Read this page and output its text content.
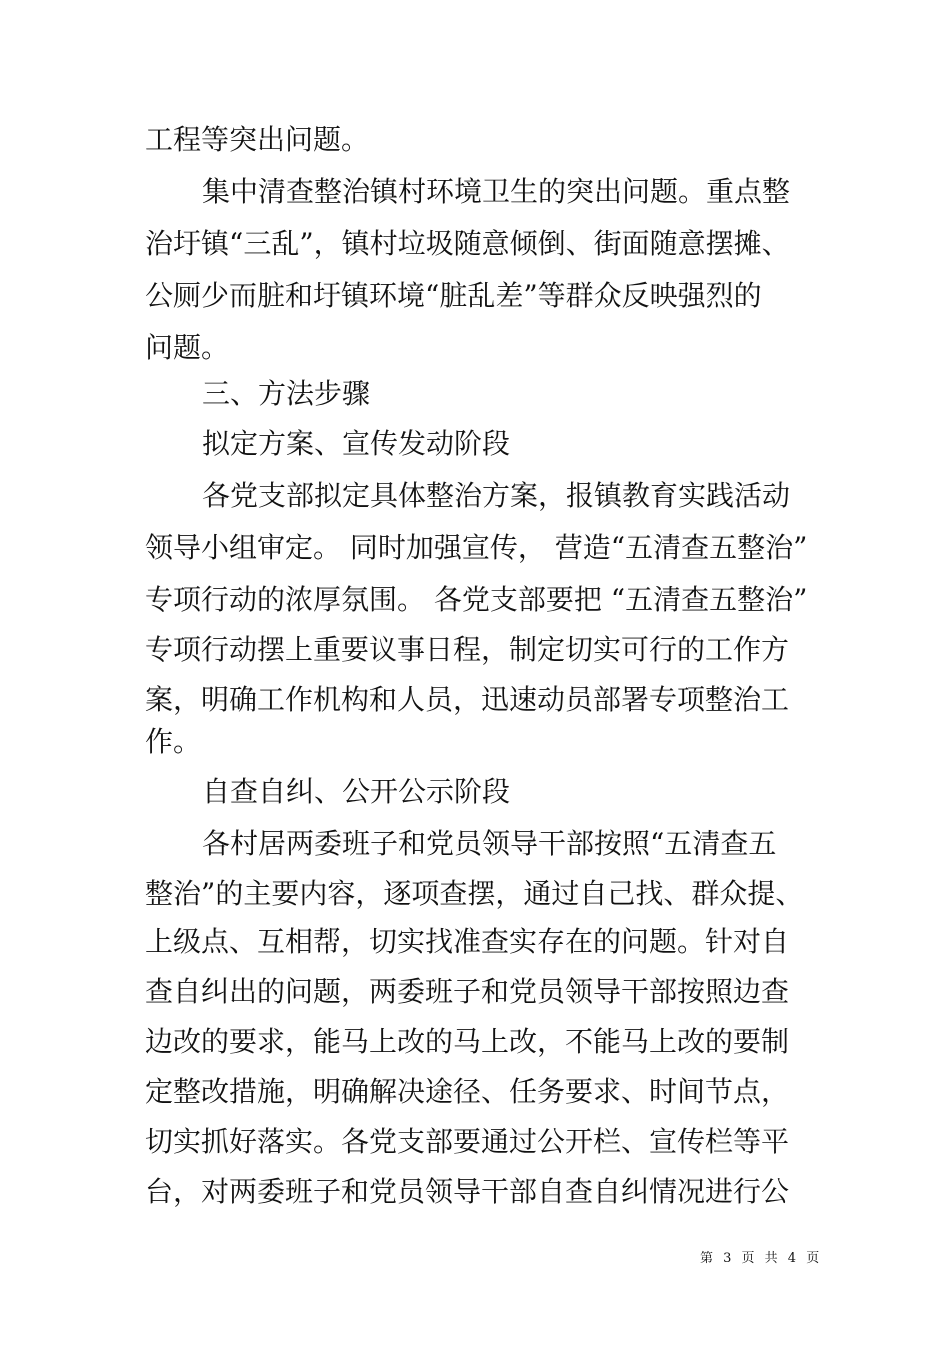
工程等突出问题。
集中清查整治镇村环境卫生的突出问题。重点整
治圩镇“三乱”，镇村垃圾随意倾倒、街面随意摆摊、
公厕少而脏和圩镇环境“脏乱差”等群众反映强烈的
问题。
三、方法步骤
拟定方案、宣传发动阶段
各党支部拟定具体整治方案，报镇教育实践活动
领导小组审定。 同时加强宣传， 营造“五清查五整治”
专项行动的浓厚氛围。 各党支部要把 “五清查五整治”
专项行动摆上重要议事日程，制定切实可行的工作方
案，明确工作机构和人员，迅速动员部署专项整治工
作。
自查自纠、公开公示阶段
各村居两委班子和党员领导干部按照“五清查五
整治”的主要内容，逐项查摆，通过自己找、群众提、
上级点、互相帮，切实找准查实存在的问题。针对自
查自纠出的问题，两委班子和党员领导干部按照边查
边改的要求，能马上改的马上改，不能马上改的要制
定整改措施，明确解决途径、任务要求、时间节点，
切实抓好落实。各党支部要通过公开栏、宣传栏等平
台，对两委班子和党员领导干部自查自纠情况进行公
第 3 页 共 4 页
